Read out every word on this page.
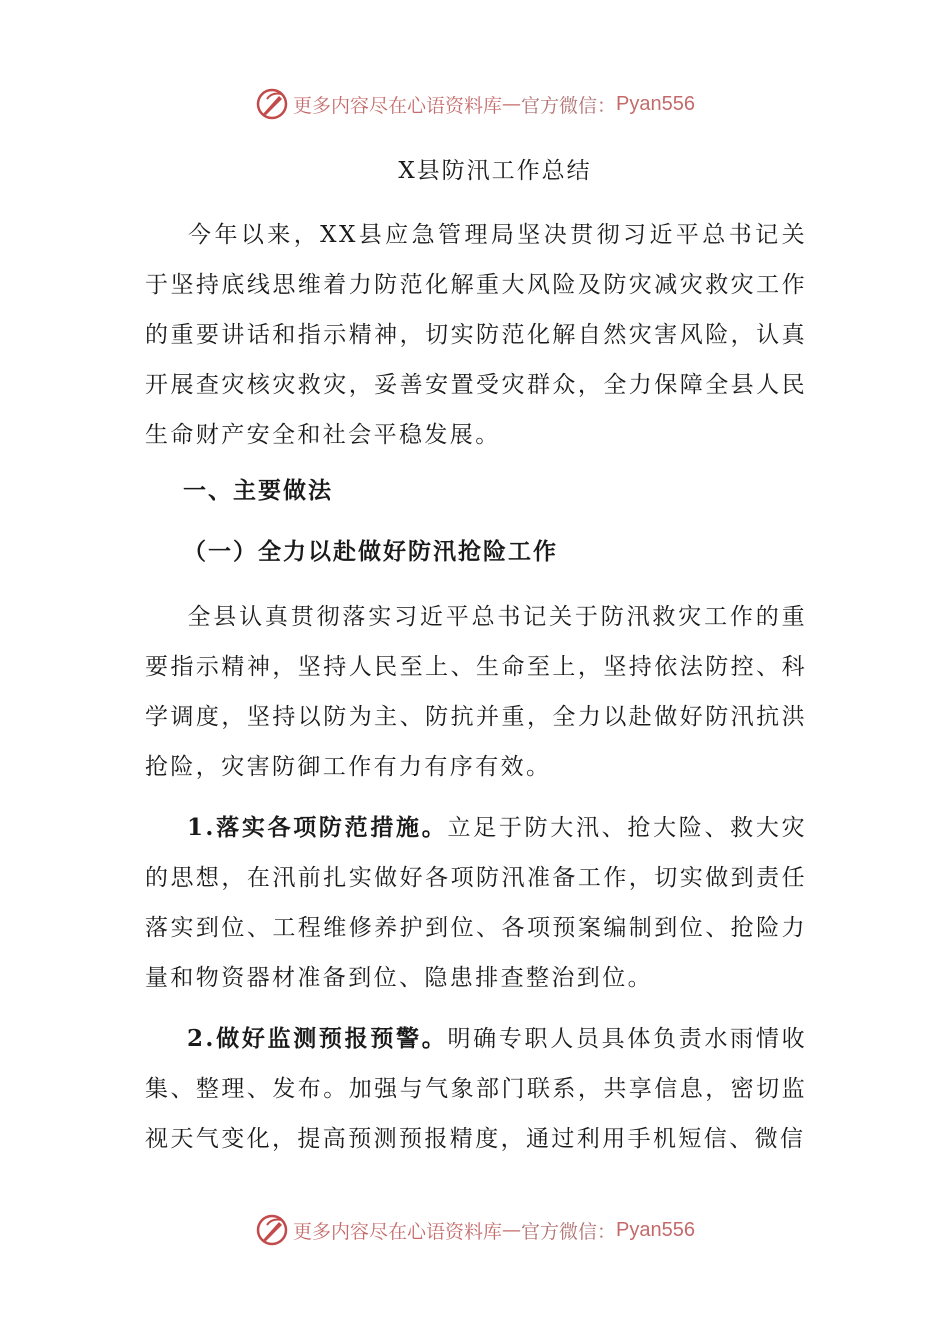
更多内容尽在心语资料库 — 官方微信： Pyan556
X县防汛工作总结
今年以来，XX县应急管理局坚决贯彻习近平总书记关于坚持底线思维着力防范化解重大风险及防灾减灾救灾工作的重要讲话和指示精神，切实防范化解自然灾害风险，认真开展查灾核灾救灾，妥善安置受灾群众，全力保障全县人民生命财产安全和社会平稳发展。
一、主要做法
（一）全力以赴做好防汛抢险工作
全县认真贯彻落实习近平总书记关于防汛救灾工作的重要指示精神，坚持人民至上、生命至上，坚持依法防控、科学调度，坚持以防为主、防抗并重，全力以赴做好防汛抗洪抢险，灾害防御工作有力有序有效。
1.落实各项防范措施。立足于防大汛、抢大险、救大灾的思想，在汛前扎实做好各项防汛准备工作，切实做到责任落实到位、工程维修养护到位、各项预案编制到位、抢险力量和物资器材准备到位、隐患排查整治到位。
2.做好监测预报预警。明确专职人员具体负责水雨情收集、整理、发布。加强与气象部门联系，共享信息，密切监视天气变化，提高预测预报精度，通过利用手机短信、微信
更多内容尽在心语资料库 — 官方微信： Pyan556
